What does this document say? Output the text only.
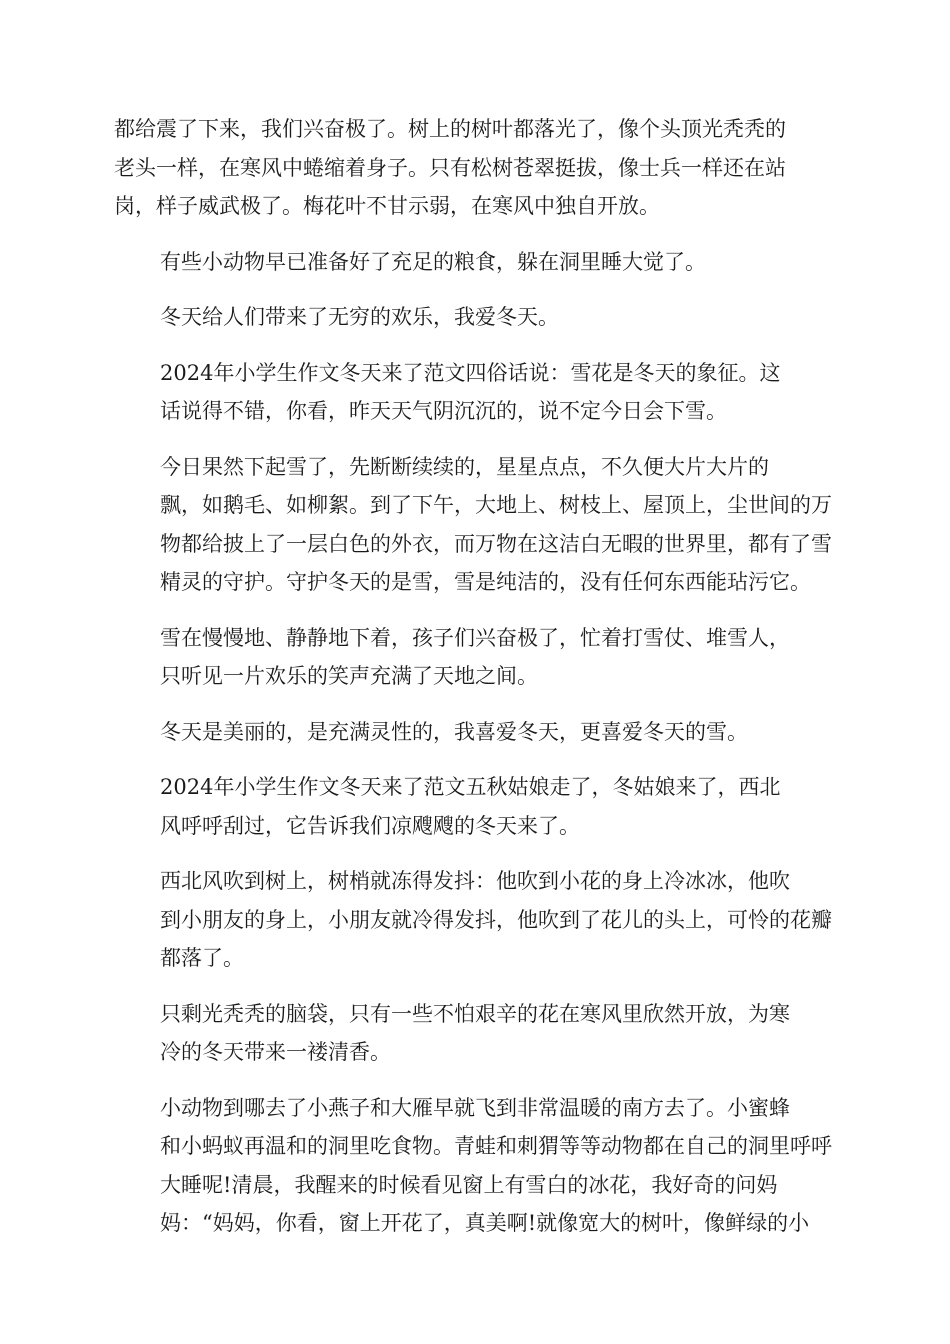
都给震了下来，我们兴奋极了。树上的树叶都落光了，像个头顶光秃秃的
老头一样，在寒风中蜷缩着身子。只有松树苍翠挺拔，像士兵一样还在站
岗，样子威武极了。梅花叶不甘示弱，在寒风中独自开放。

有些小动物早已准备好了充足的粮食，躲在洞里睡大觉了。

冬天给人们带来了无穷的欢乐，我爱冬天。

2024年小学生作文冬天来了范文四俗话说：雪花是冬天的象征。这
话说得不错，你看，昨天天气阴沉沉的，说不定今日会下雪。

今日果然下起雪了，先断断续续的，星星点点，不久便大片大片的
飘，如鹅毛、如柳絮。到了下午，大地上、树枝上、屋顶上，尘世间的万
物都给披上了一层白色的外衣，而万物在这洁白无暇的世界里，都有了雪
精灵的守护。守护冬天的是雪，雪是纯洁的，没有任何东西能玷污它。

雪在慢慢地、静静地下着，孩子们兴奋极了，忙着打雪仗、堆雪人，
只听见一片欢乐的笑声充满了天地之间。

冬天是美丽的，是充满灵性的，我喜爱冬天，更喜爱冬天的雪。

2024年小学生作文冬天来了范文五秋姑娘走了，冬姑娘来了，西北
风呼呼刮过，它告诉我们凉飕飕的冬天来了。

西北风吹到树上，树梢就冻得发抖：他吹到小花的身上冷冰冰，他吹
到小朋友的身上，小朋友就冷得发抖，他吹到了花儿的头上，可怜的花瓣
都落了。

只剩光秃秃的脑袋，只有一些不怕艰辛的花在寒风里欣然开放，为寒
冷的冬天带来一褛清香。

小动物到哪去了小燕子和大雁早就飞到非常温暖的南方去了。小蜜蜂
和小蚂蚁再温和的洞里吃食物。青蛙和刺猬等等动物都在自己的洞里呼呼
大睡呢!清晨，我醒来的时候看见窗上有雪白的冰花，我好奇的问妈
妈：“妈妈，你看，窗上开花了，真美啊!就像宽大的树叶，像鲜绿的小
